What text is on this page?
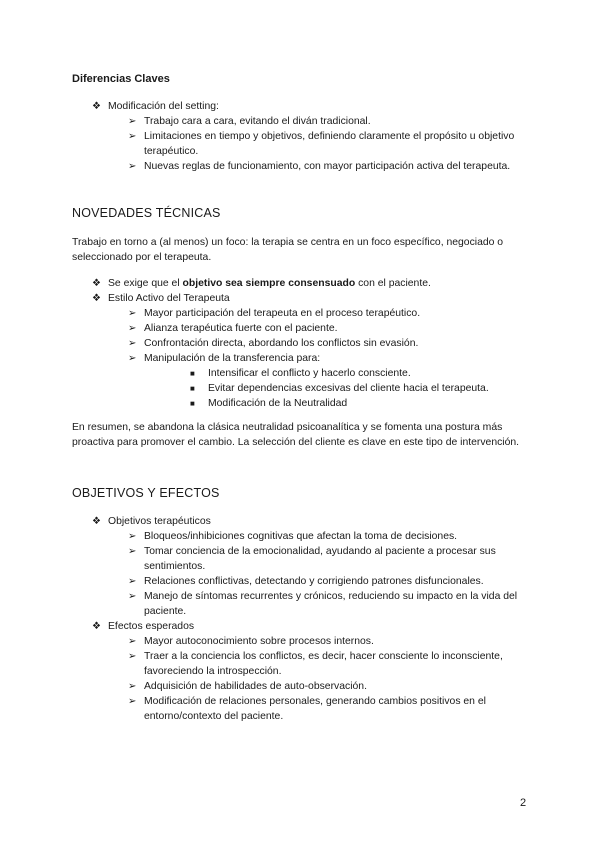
Diferencias Claves
❖ Modificación del setting:
➢ Trabajo cara a cara, evitando el diván tradicional.
➢ Limitaciones en tiempo y objetivos, definiendo claramente el propósito u objetivo terapéutico.
➢ Nuevas reglas de funcionamiento, con mayor participación activa del terapeuta.
NOVEDADES TÉCNICAS
Trabajo en torno a (al menos) un foco: la terapia se centra en un foco específico, negociado o seleccionado por el terapeuta.
❖ Se exige que el objetivo sea siempre consensuado con el paciente.
❖ Estilo Activo del Terapeuta
➢ Mayor participación del terapeuta en el proceso terapéutico.
➢ Alianza terapéutica fuerte con el paciente.
➢ Confrontación directa, abordando los conflictos sin evasión.
➢ Manipulación de la transferencia para:
■ Intensificar el conflicto y hacerlo consciente.
■ Evitar dependencias excesivas del cliente hacia el terapeuta.
■ Modificación de la Neutralidad
En resumen, se abandona la clásica neutralidad psicoanalítica y se fomenta una postura más proactiva para promover el cambio. La selección del cliente es clave en este tipo de intervención.
OBJETIVOS Y EFECTOS
❖ Objetivos terapéuticos
➢ Bloqueos/inhibiciones cognitivas que afectan la toma de decisiones.
➢ Tomar conciencia de la emocionalidad, ayudando al paciente a procesar sus sentimientos.
➢ Relaciones conflictivas, detectando y corrigiendo patrones disfuncionales.
➢ Manejo de síntomas recurrentes y crónicos, reduciendo su impacto en la vida del paciente.
❖ Efectos esperados
➢ Mayor autoconocimiento sobre procesos internos.
➢ Traer a la conciencia los conflictos, es decir, hacer consciente lo inconsciente, favoreciendo la introspección.
➢ Adquisición de habilidades de auto-observación.
➢ Modificación de relaciones personales, generando cambios positivos en el entorno/contexto del paciente.
2
